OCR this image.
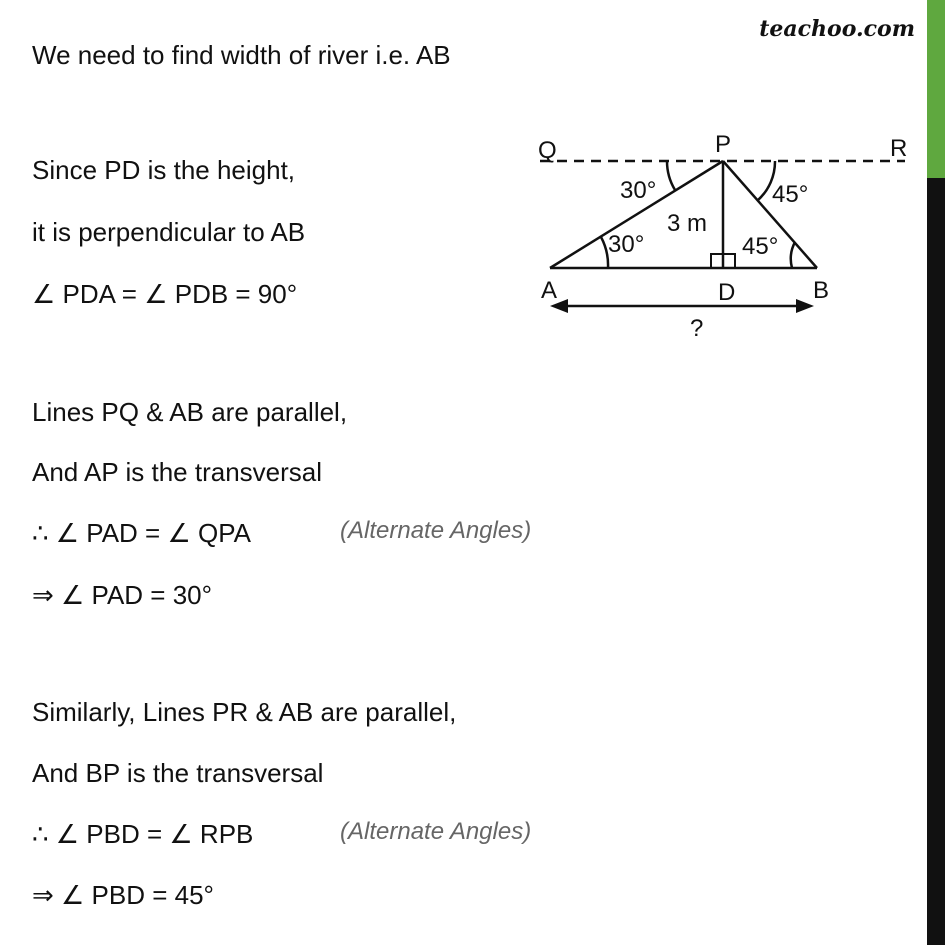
teachoo.com
We need to find width of river i.e. AB
Since PD is the height,
it is perpendicular to AB
∠ PDA = ∠ PDB = 90°
Lines PQ & AB are parallel,
And AP is the transversal
∴ ∠ PAD = ∠ QPA	(Alternate Angles)
⇒ ∠ PAD = 30°
Similarly, Lines PR & AB are parallel,
And BP is the transversal
∴ ∠ PBD = ∠ RPB	(Alternate Angles)
⇒ ∠ PBD = 45°
Q	P	R
30°	45°
3 m
30°	45°
A	D	B
?
